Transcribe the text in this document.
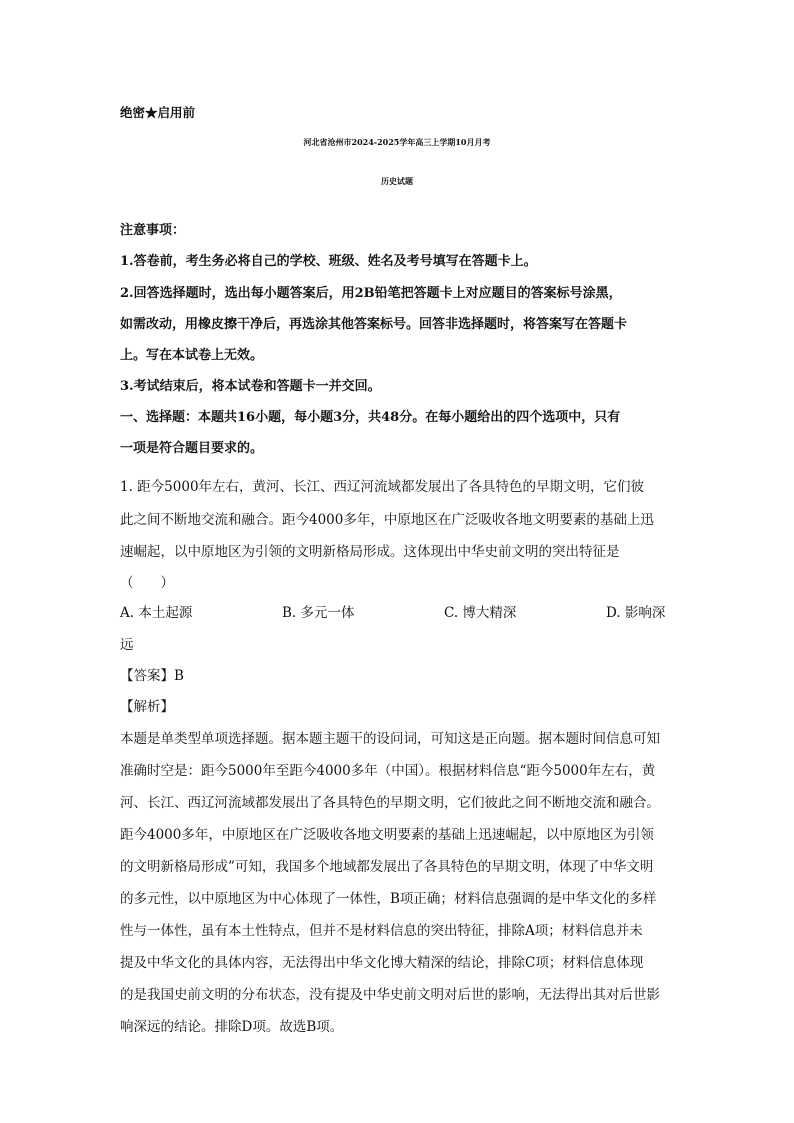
绝密★启用前
河北省沧州市2024-2025学年高三上学期10月月考
历史试题
注意事项：
1.答卷前，考生务必将自己的学校、班级、姓名及考号填写在答题卡上。
2.回答选择题时，选出每小题答案后，用2B铅笔把答题卡上对应题目的答案标号涂黑，
如需改动，用橡皮擦干净后，再选涂其他答案标号。回答非选择题时，将答案写在答题卡
上。写在本试卷上无效。
3.考试结束后，将本试卷和答题卡一并交回。
一、选择题：本题共16小题，每小题3分，共48分。在每小题给出的四个选项中，只有
一项是符合题目要求的。
1. 距今5000年左右，黄河、长江、西辽河流域都发展出了各具特色的早期文明，它们彼
此之间不断地交流和融合。距今4000多年，中原地区在广泛吸收各地文明要素的基础上迅
速崛起，以中原地区为引领的文明新格局形成。这体现出中华史前文明的突出特征是
（　　）
A. 本土起源	B. 多元一体	C. 博大精深	D. 影响深
远
【答案】B
【解析】
本题是单类型单项选择题。据本题主题干的设问词，可知这是正向题。据本题时间信息可知
准确时空是：距今5000年至距今4000多年（中国）。根据材料信息“距今5000年左右，黄
河、长江、西辽河流域都发展出了各具特色的早期文明，它们彼此之间不断地交流和融合。
距今4000多年，中原地区在广泛吸收各地文明要素的基础上迅速崛起，以中原地区为引领
的文明新格局形成”可知，我国多个地域都发展出了各具特色的早期文明，体现了中华文明
的多元性，以中原地区为中心体现了一体性，B项正确；材料信息强调的是中华文化的多样
性与一体性，虽有本土性特点，但并不是材料信息的突出特征，排除A项；材料信息并未
提及中华文化的具体内容，无法得出中华文化博大精深的结论，排除C项；材料信息体现
的是我国史前文明的分布状态，没有提及中华史前文明对后世的影响，无法得出其对后世影
响深远的结论。排除D项。故选B项。
